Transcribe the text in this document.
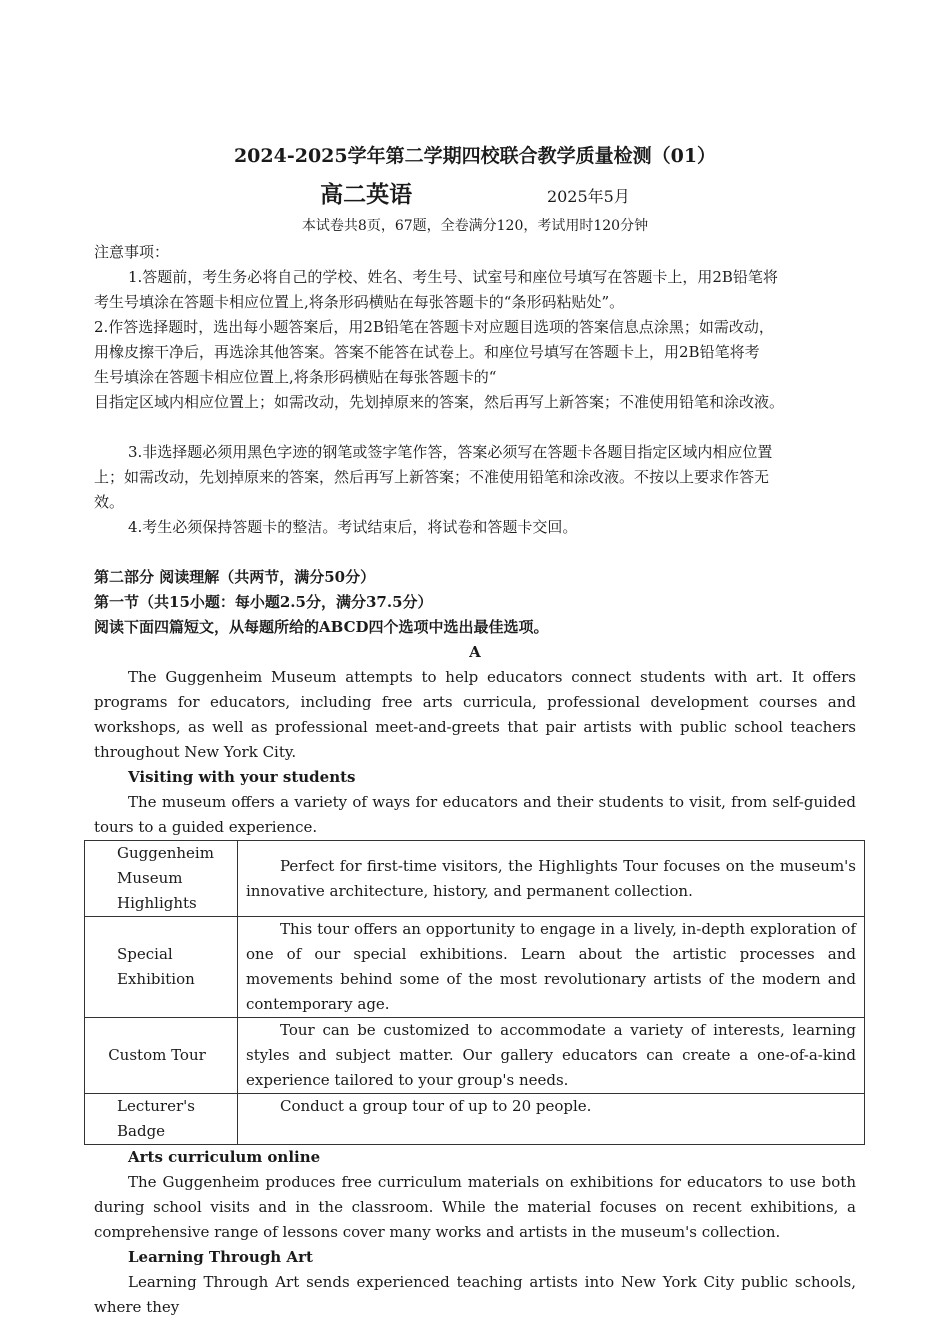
2024-2025学年第二学期四校联合教学质量检测（01）
高二英语	2025年5月
本试卷共8页，67题，全卷满分120，考试用时120分钟

注意事项：

1.答题前，考生务必将自己的学校、姓名、考生号、试室号和座位号填写在答题卡上，用2B铅笔将

考生号填涂在答题卡相应位置上,将条形码横贴在每张答题卡的“条形码粘贴处”。

2.作答选择题时，选出每小题答案后，用2B铅笔在答题卡对应题目选项的答案信息点涂黑；如需改动，

用橡皮擦干净后，再选涂其他答案。答案不能答在试卷上。和座位号填写在答题卡上，用2B铅笔将考

生号填涂在答题卡相应位置上,将条形码横贴在每张答题卡的“

目指定区域内相应位置上；如需改动，先划掉原来的答案，然后再写上新答案；不准使用铅笔和涂改液。

3.非选择题必须用黑色字迹的钢笔或签字笔作答，答案必须写在答题卡各题目指定区域内相应位置

上；如需改动，先划掉原来的答案，然后再写上新答案；不准使用铅笔和涂改液。不按以上要求作答无

效。

4.考生必须保持答题卡的整洁。考试结束后，将试卷和答题卡交回。

第二部分 阅读理解（共两节，满分50分）

第一节（共15小题：每小题2.5分，满分37.5分）

阅读下面四篇短文，从每题所给的ABCD四个选项中选出最佳选项。

A

The Guggenheim Museum attempts to help educators connect students with art. It offers programs for educators, including free arts curricula, professional development courses and workshops, as well as professional meet-and-greets that pair artists with public school teachers throughout New York City.

Visiting with your students

The museum offers a variety of ways for educators and their students to visit, from self-guided tours to a guided experience.

Guggenheim Museum Highlights	Perfect for first-time visitors, the Highlights Tour focuses on the museum's innovative architecture, history, and permanent collection.

Special Exhibition	This tour offers an opportunity to engage in a lively, in-depth exploration of one of our special exhibitions. Learn about the artistic processes and movements behind some of the most revolutionary artists of the modern and contemporary age.

Custom Tour	Tour can be customized to accommodate a variety of interests, learning styles and subject matter. Our gallery educators can create a one-of-a-kind experience tailored to your group's needs.

Lecturer's Badge	Conduct a group tour of up to 20 people.

Arts curriculum online

The Guggenheim produces free curriculum materials on exhibitions for educators to use both during school visits and in the classroom. While the material focuses on recent exhibitions, a comprehensive range of lessons cover many works and artists in the museum's collection.

Learning Through Art

Learning Through Art sends experienced teaching artists into New York City public schools, where they
